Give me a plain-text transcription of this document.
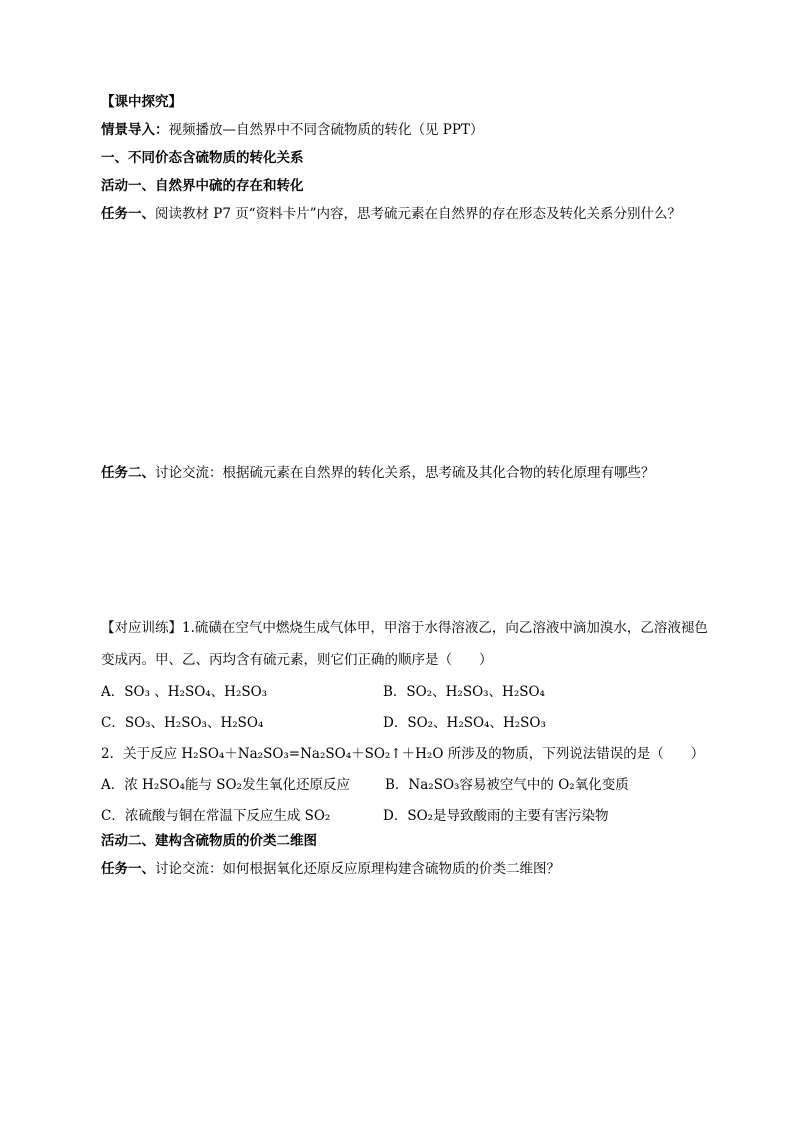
【课中探究】
情景导入：视频播放—自然界中不同含硫物质的转化（见 PPT）
一、不同价态含硫物质的转化关系
活动一、自然界中硫的存在和转化
任务一、阅读教材 P7 页“资料卡片”内容，思考硫元素在自然界的存在形态及转化关系分别什么？
任务二、讨论交流：根据硫元素在自然界的转化关系，思考硫及其化合物的转化原理有哪些？
【对应训练】1.硫磺在空气中燃烧生成气体甲，甲溶于水得溶液乙，向乙溶液中滴加溴水，乙溶液褪色
变成丙。甲、乙、丙均含有硫元素，则它们正确的顺序是（　　）
A．SO₃ 、H₂SO₄、H₂SO₃	B．SO₂、H₂SO₃、H₂SO₄
C．SO₃、H₂SO₃、H₂SO₄	D．SO₂、H₂SO₄、H₂SO₃
2．关于反应 H₂SO₄＋Na₂SO₃=Na₂SO₄＋SO₂↑＋H₂O 所涉及的物质，下列说法错误的是（　　）
A．浓 H₂SO₄能与 SO₂发生氧化还原反应	B．Na₂SO₃容易被空气中的 O₂氧化变质
C．浓硫酸与铜在常温下反应生成 SO₂	D．SO₂是导致酸雨的主要有害污染物
活动二、建构含硫物质的价类二维图
任务一、讨论交流：如何根据氧化还原反应原理构建含硫物质的价类二维图？
